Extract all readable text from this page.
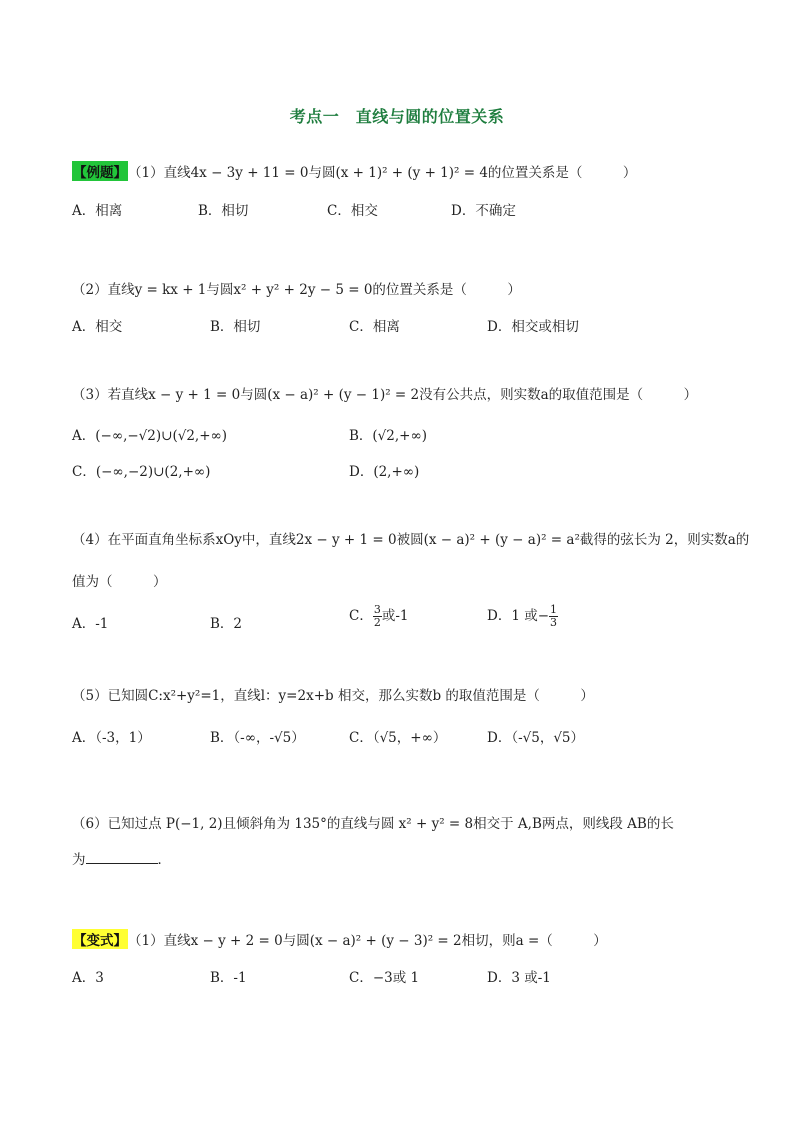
考点一　直线与圆的位置关系
【例题】（1）直线4x − 3y + 11 = 0与圆(x + 1)² + (y + 1)² = 4的位置关系是（　　　）
A．相离	B．相切	C．相交	D．不确定
（2）直线y = kx + 1与圆x² + y² + 2y − 5 = 0的位置关系是（　　　）
A．相交	B．相切	C．相离	D．相交或相切
（3）若直线x − y + 1 = 0与圆(x − a)² + (y − 1)² = 2没有公共点，则实数a的取值范围是（　　　）
A．(−∞,−√2)∪(√2,+∞)	B．(√2,+∞)
C．(−∞,−2)∪(2,+∞)	D．(2,+∞)
（4）在平面直角坐标系xOy中，直线2x − y + 1 = 0被圆(x − a)² + (y − a)² = a²截得的弦长为 2，则实数a的
值为（　　　）
A．-1	B．2	C． $\frac{3}{2}$ 或-1	D．1 或− $\frac{1}{3}$
（5）已知圆C:x²+y²=1，直线l：y=2x+b 相交，那么实数b 的取值范围是（　　　）
A．（-3，1）	B．（-∞，-√5）	C．（√5，+∞）	D．（-√5，√5）
（6）已知过点 P(−1, 2)且倾斜角为 135°的直线与圆 x² + y² = 8相交于 A,B两点，则线段 AB的长
为	．
【变式】（1）直线x − y + 2 = 0与圆(x − a)² + (y − 3)² = 2相切，则a =（　　　）
A．3	B．-1	C．−3或 1	D．3 或-1
